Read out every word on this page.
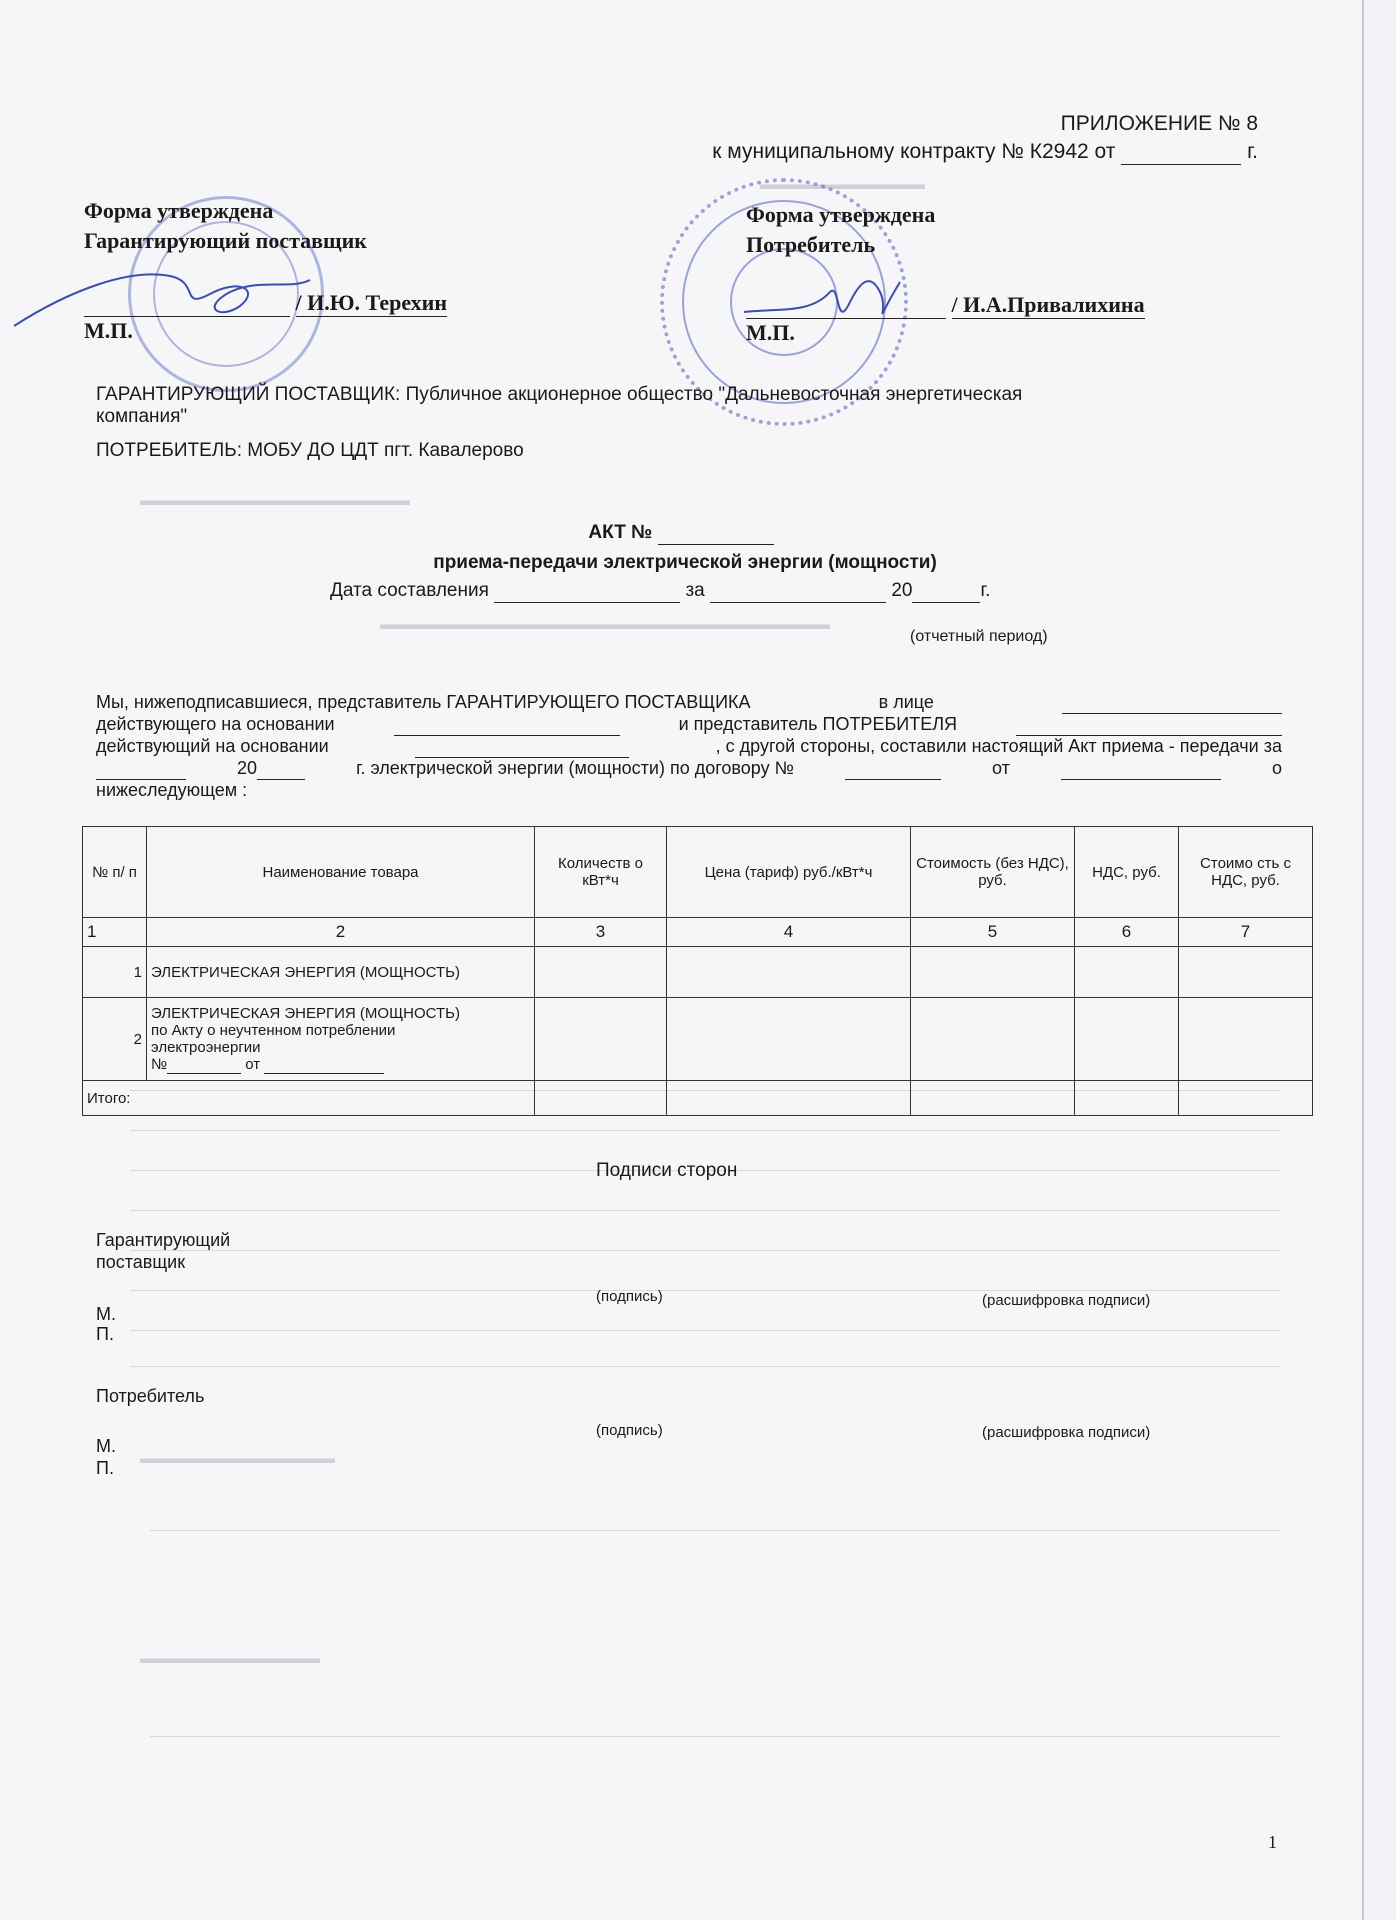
▬▬▬▬▬▬▬▬▬▬▬
▬▬▬▬▬▬▬▬▬▬▬▬▬▬▬▬▬▬
▬▬▬▬▬▬▬▬▬▬▬▬▬▬▬▬▬▬▬▬▬▬▬▬▬▬▬▬▬▬
▬▬▬▬▬▬▬▬▬▬▬▬▬
▬▬▬▬▬▬▬▬▬▬▬▬
ПРИЛОЖЕНИЕ № 8
к муниципальному контракту № К2942 от	г.
Форма утверждена
Гарантирующий поставщик
/ И.Ю. Терехин
М.П.
Форма утверждена
Потребитель
/ И.А.Привалихина
М.П.
ГАРАНТИРУЮЩИЙ ПОСТАВЩИК: Публичное акционерное общество "Дальневосточная энергетическая
компания"
ПОТРЕБИТЕЛЬ: МОБУ ДО ЦДТ пгт. Кавалерово
АКТ №
приема-передачи электрической энергии (мощности)
Дата составления	за	20	г.
(отчетный период)
Мы, нижеподписавшиеся, представитель ГАРАНТИРУЮЩЕГО ПОСТАВЩИКА	в лице

действующего на основании
	и представитель ПОТРЕБИТЕЛЯ

действующий на основании
	, с другой стороны, составили настоящий Акт приема - передачи за

20	г. электрической энергии (мощности) по договору №
	от
	о
нижеследующем :
№ п/ п	Наименование товара	Количеств о кВт*ч	Цена (тариф) руб./кВт*ч	Стоимость (без НДС), руб.	НДС, руб.	Стоимо сть с НДС, руб.
1	2	3	4	5	6	7
1	ЭЛЕКТРИЧЕСКАЯ ЭНЕРГИЯ (МОЩНОСТЬ)					
2	ЭЛЕКТРИЧЕСКАЯ ЭНЕРГИЯ (МОЩНОСТЬ) по Акту о неучтенном потреблении электроэнергии
№ от					

Итого:						
Подписи сторон
Гарантирующий
поставщик
(подпись)	(расшифровка подписи)
М.
П.
Потребитель
(подпись)	(расшифровка подписи)
М.
П.
1
